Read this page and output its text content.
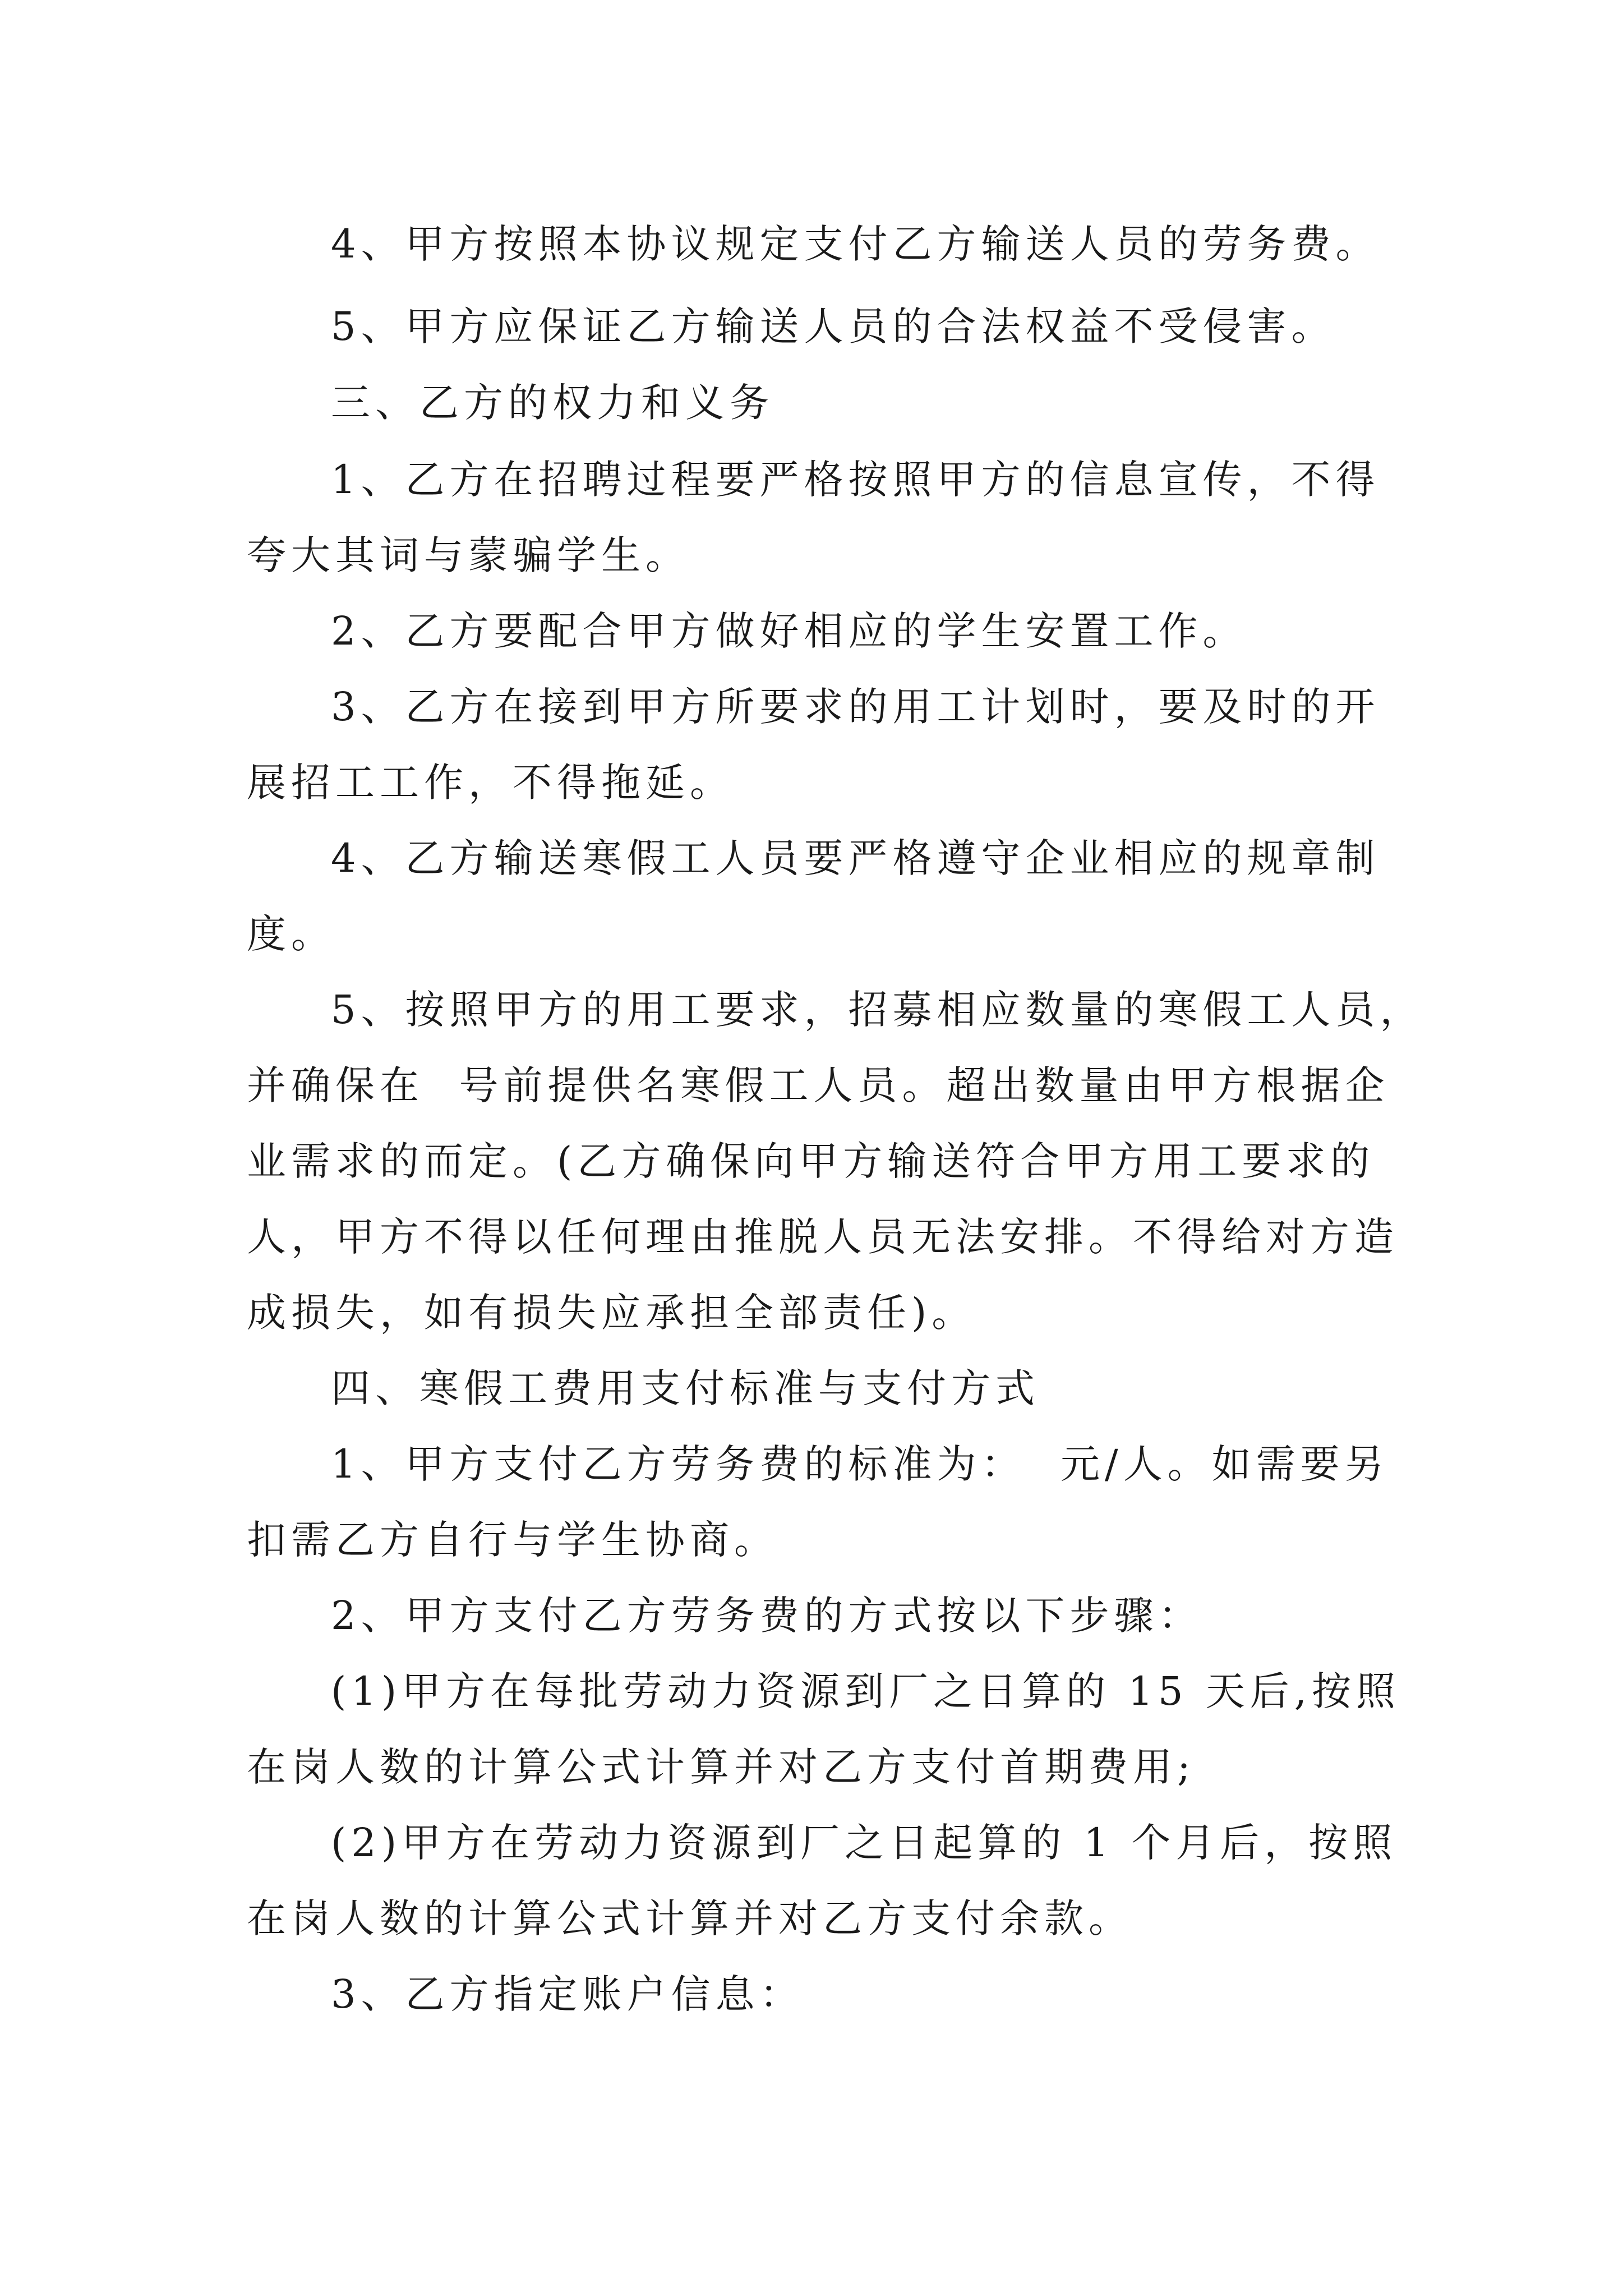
4、甲方按照本协议规定支付乙方输送人员的劳务费。

5、甲方应保证乙方输送人员的合法权益不受侵害。

三、乙方的权力和义务

1、乙方在招聘过程要严格按照甲方的信息宣传，不得

夸大其词与蒙骗学生。

2、乙方要配合甲方做好相应的学生安置工作。

3、乙方在接到甲方所要求的用工计划时，要及时的开

展招工工作，不得拖延。

4、乙方输送寒假工人员要严格遵守企业相应的规章制

度。

5、按照甲方的用工要求，招募相应数量的寒假工人员，

并确保在  号前提供名寒假工人员。超出数量由甲方根据企

业需求的而定。(乙方确保向甲方输送符合甲方用工要求的

人，甲方不得以任何理由推脱人员无法安排。不得给对方造

成损失，如有损失应承担全部责任)。

四、寒假工费用支付标准与支付方式

1、甲方支付乙方劳务费的标准为：  元/人。如需要另

扣需乙方自行与学生协商。

2、甲方支付乙方劳务费的方式按以下步骤：

(1)甲方在每批劳动力资源到厂之日算的 15 天后,按照

在岗人数的计算公式计算并对乙方支付首期费用;

(2)甲方在劳动力资源到厂之日起算的 1 个月后，按照

在岗人数的计算公式计算并对乙方支付余款。

3、乙方指定账户信息：
